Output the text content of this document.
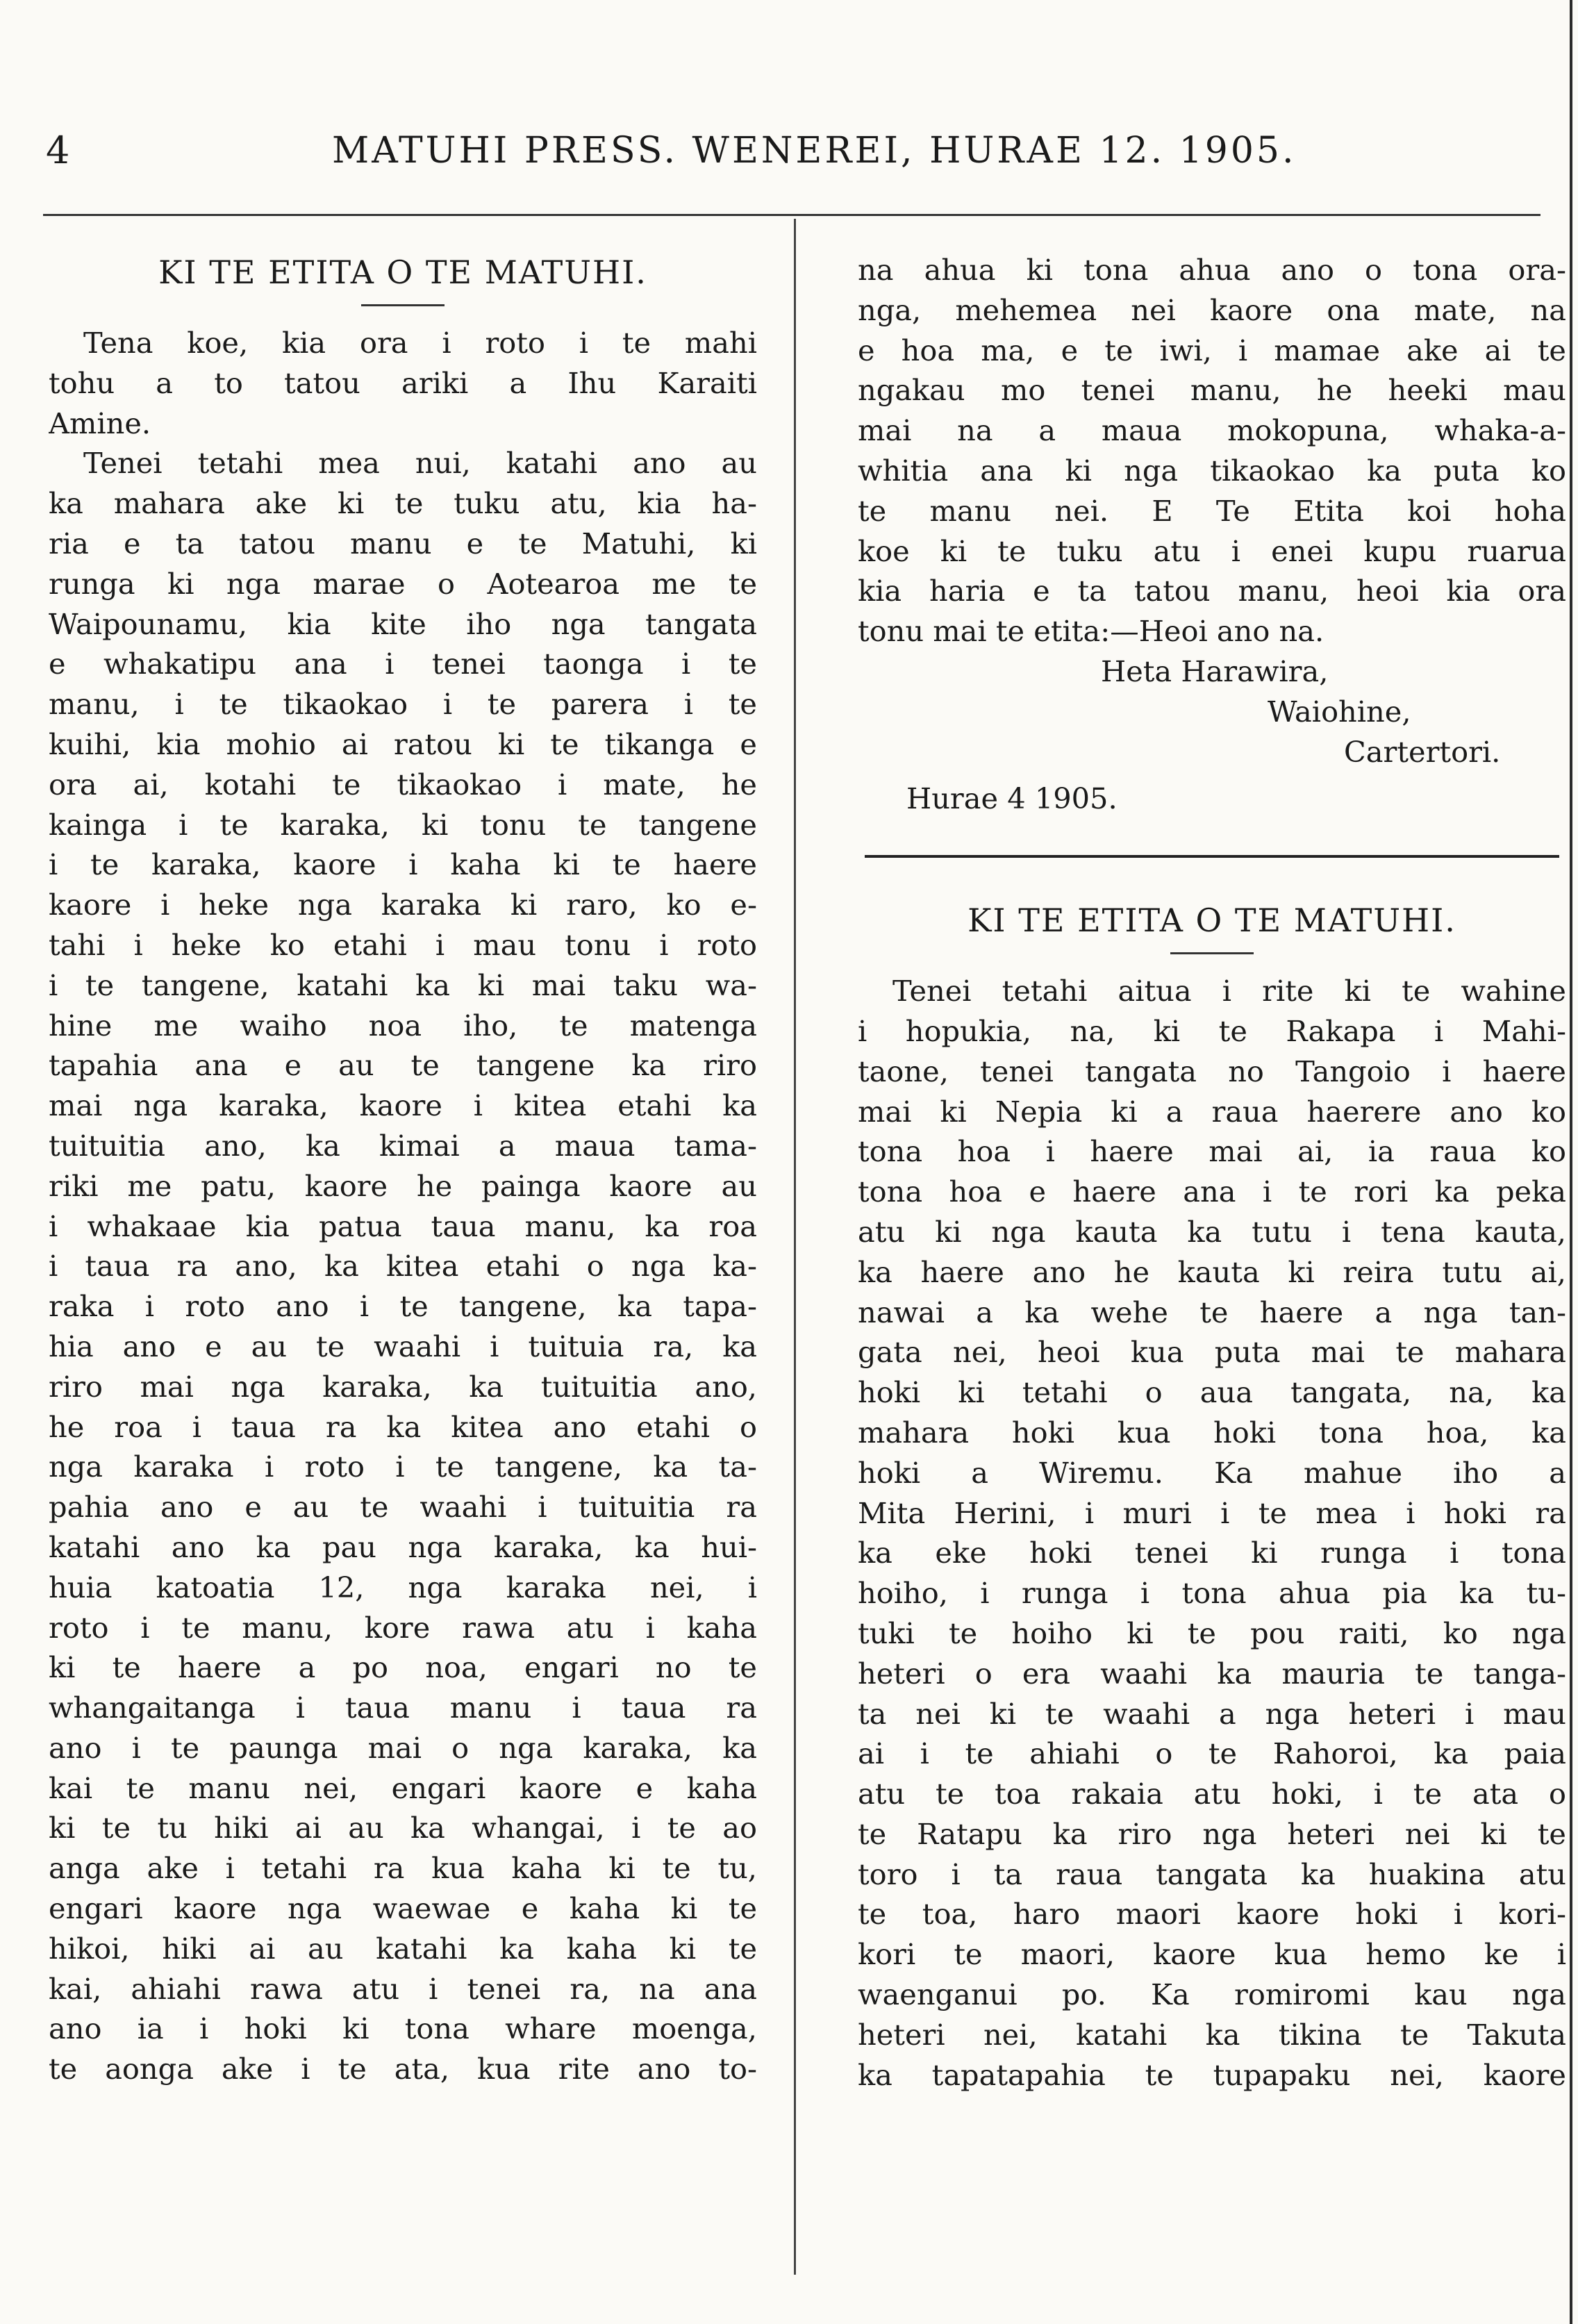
4	MATUHI PRESS. WENEREI, HURAE 12. 1905.
KI TE ETITA O TE MATUHI.
Tena koe, kia ora i roto i te mahi
tohu a to tatou ariki a Ihu Karaiti
Amine.
Tenei tetahi mea nui, katahi ano au
ka mahara ake ki te tuku atu, kia ha-
ria e ta tatou manu e te Matuhi, ki
runga ki nga marae o Aotearoa me te
Waipounamu, kia kite iho nga tangata
e whakatipu ana i tenei taonga i te
manu, i te tikaokao i te parera i te
kuihi, kia mohio ai ratou ki te tikanga e
ora ai, kotahi te tikaokao i mate, he
kainga i te karaka, ki tonu te tangene
i te karaka, kaore i kaha ki te haere
kaore i heke nga karaka ki raro, ko e-
tahi i heke ko etahi i mau tonu i roto
i te tangene, katahi ka ki mai taku wa-
hine me waiho noa iho, te matenga
tapahia ana e au te tangene ka riro
mai nga karaka, kaore i kitea etahi ka
tuituitia ano, ka kimai a maua tama-
riki me patu, kaore he painga kaore au
i whakaae kia patua taua manu, ka roa
i taua ra ano, ka kitea etahi o nga ka-
raka i roto ano i te tangene, ka tapa-
hia ano e au te waahi i tuituia ra, ka
riro mai nga karaka, ka tuituitia ano,
he roa i taua ra ka kitea ano etahi o
nga karaka i roto i te tangene, ka ta-
pahia ano e au te waahi i tuituitia ra
katahi ano ka pau nga karaka, ka hui-
huia katoatia 12, nga karaka nei, i
roto i te manu, kore rawa atu i kaha
ki te haere a po noa, engari no te
whangaitanga i taua manu i taua ra
ano i te paunga mai o nga karaka, ka
kai te manu nei, engari kaore e kaha
ki te tu hiki ai au ka whangai, i te ao
anga ake i tetahi ra kua kaha ki te tu,
engari kaore nga waewae e kaha ki te
hikoi, hiki ai au katahi ka kaha ki te
kai, ahiahi rawa atu i tenei ra, na ana
ano ia i hoki ki tona whare moenga,
te aonga ake i te ata, kua rite ano to-
na ahua ki tona ahua ano o tona ora-
nga, mehemea nei kaore ona mate, na
e hoa ma, e te iwi, i mamae ake ai te
ngakau mo tenei manu, he heeki mau
mai na a maua mokopuna, whaka-a-
whitia ana ki nga tikaokao ka puta ko
te manu nei. E Te Etita koi hoha
koe ki te tuku atu i enei kupu ruarua
kia haria e ta tatou manu, heoi kia ora
tonu mai te etita:—Heoi ano na.
Heta Harawira,
Waiohine,
Cartertori.
Hurae 4 1905.
KI TE ETITA O TE MATUHI.
Tenei tetahi aitua i rite ki te wahine
i hopukia, na, ki te Rakapa i Mahi-
taone, tenei tangata no Tangoio i haere
mai ki Nepia ki a raua haerere ano ko
tona hoa i haere mai ai, ia raua ko
tona hoa e haere ana i te rori ka peka
atu ki nga kauta ka tutu i tena kauta,
ka haere ano he kauta ki reira tutu ai,
nawai a ka wehe te haere a nga tan-
gata nei, heoi kua puta mai te mahara
hoki ki tetahi o aua tangata, na, ka
mahara hoki kua hoki tona hoa, ka
hoki a Wiremu. Ka mahue iho a
Mita Herini, i muri i te mea i hoki ra
ka eke hoki tenei ki runga i tona
hoiho, i runga i tona ahua pia ka tu-
tuki te hoiho ki te pou raiti, ko nga
heteri o era waahi ka mauria te tanga-
ta nei ki te waahi a nga heteri i mau
ai i te ahiahi o te Rahoroi, ka paia
atu te toa rakaia atu hoki, i te ata o
te Ratapu ka riro nga heteri nei ki te
toro i ta raua tangata ka huakina atu
te toa, haro maori kaore hoki i kori-
kori te maori, kaore kua hemo ke i
waenganui po. Ka romiromi kau nga
heteri nei, katahi ka tikina te Takuta
ka tapatapahia te tupapaku nei, kaore
